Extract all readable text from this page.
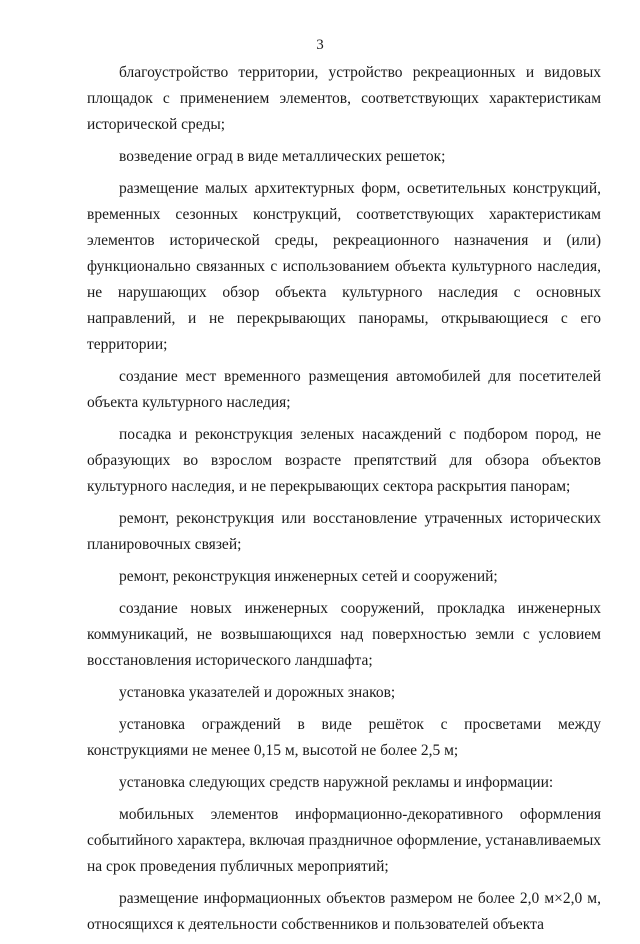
3

благоустройство территории, устройство рекреационных и видовых площадок с применением элементов, соответствующих характеристикам исторической среды;

возведение оград в виде металлических решеток;

размещение малых архитектурных форм, осветительных конструкций, временных сезонных конструкций, соответствующих характеристикам элементов исторической среды, рекреационного назначения и (или) функционально связанных с использованием объекта культурного наследия, не нарушающих обзор объекта культурного наследия с основных направлений, и не перекрывающих панорамы, открывающиеся с его территории;

создание мест временного размещения автомобилей для посетителей объекта культурного наследия;

посадка и реконструкция зеленых насаждений с подбором пород, не образующих во взрослом возрасте препятствий для обзора объектов культурного наследия, и не перекрывающих сектора раскрытия панорам;

ремонт, реконструкция или восстановление утраченных исторических планировочных связей;

ремонт, реконструкция инженерных сетей и сооружений;

создание новых инженерных сооружений, прокладка инженерных коммуникаций, не возвышающихся над поверхностью земли с условием восстановления исторического ландшафта;

установка указателей и дорожных знаков;

установка ограждений в виде решёток с просветами между конструкциями не менее 0,15 м, высотой не более 2,5 м;

установка следующих средств наружной рекламы и информации:

мобильных элементов информационно-декоративного оформления событийного характера, включая праздничное оформление, устанавливаемых на срок проведения публичных мероприятий;

размещение информационных объектов размером не более 2,0 м×2,0 м, относящихся к деятельности собственников и пользователей объекта
